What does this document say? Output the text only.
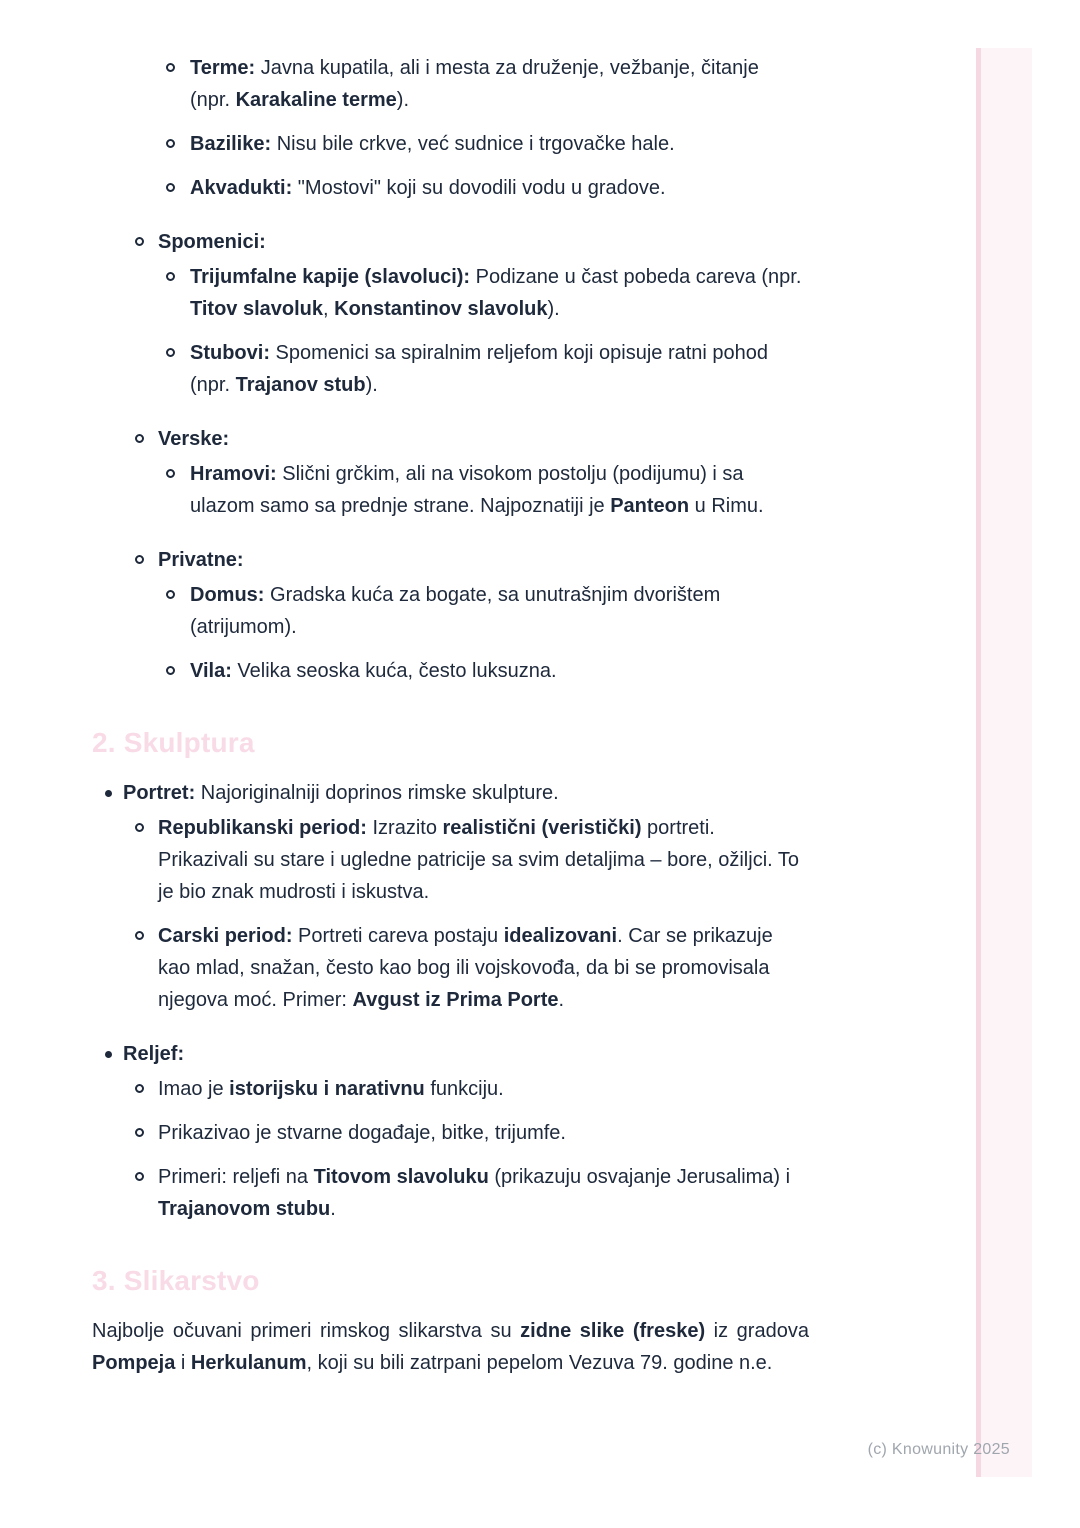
Terme: Javna kupatila, ali i mesta za druženje, vežbanje, čitanje
(npr. Karakaline terme).
Bazilike: Nisu bile crkve, već sudnice i trgovačke hale.
Akvadukti: "Mostovi" koji su dovodili vodu u gradove.
Spomenici:
Trijumfalne kapije (slavoluci): Podizane u čast pobeda careva (npr.
Titov slavoluk, Konstantinov slavoluk).
Stubovi: Spomenici sa spiralnim reljefom koji opisuje ratni pohod
(npr. Trajanov stub).
Verske:
Hramovi: Slični grčkim, ali na visokom postolju (podijumu) i sa
ulazom samo sa prednje strane. Najpoznatiji je Panteon u Rimu.
Privatne:
Domus: Gradska kuća za bogate, sa unutrašnjim dvorištem
(atrijumom).
Vila: Velika seoska kuća, često luksuzna.
2. Skulptura
Portret: Najoriginalniji doprinos rimske skulpture.
Republikanski period: Izrazito realistični (veristički) portreti.
Prikazivali su stare i ugledne patricije sa svim detaljima – bore, ožiljci. To
je bio znak mudrosti i iskustva.
Carski period: Portreti careva postaju idealizovani. Car se prikazuje
kao mlad, snažan, često kao bog ili vojskovođa, da bi se promovisala
njegova moć. Primer: Avgust iz Prima Porte.
Reljef:
Imao je istorijsku i narativnu funkciju.
Prikazivao je stvarne događaje, bitke, trijumfe.
Primeri: reljefi na Titovom slavoluku (prikazuju osvajanje Jerusalima) i
Trajanovom stubu.
3. Slikarstvo
Najbolje očuvani primeri rimskog slikarstva su zidne slike (freske) iz gradova
Pompeja i Herkulanum, koji su bili zatrpani pepelom Vezuva 79. godine n.e.
(c) Knowunity 2025
